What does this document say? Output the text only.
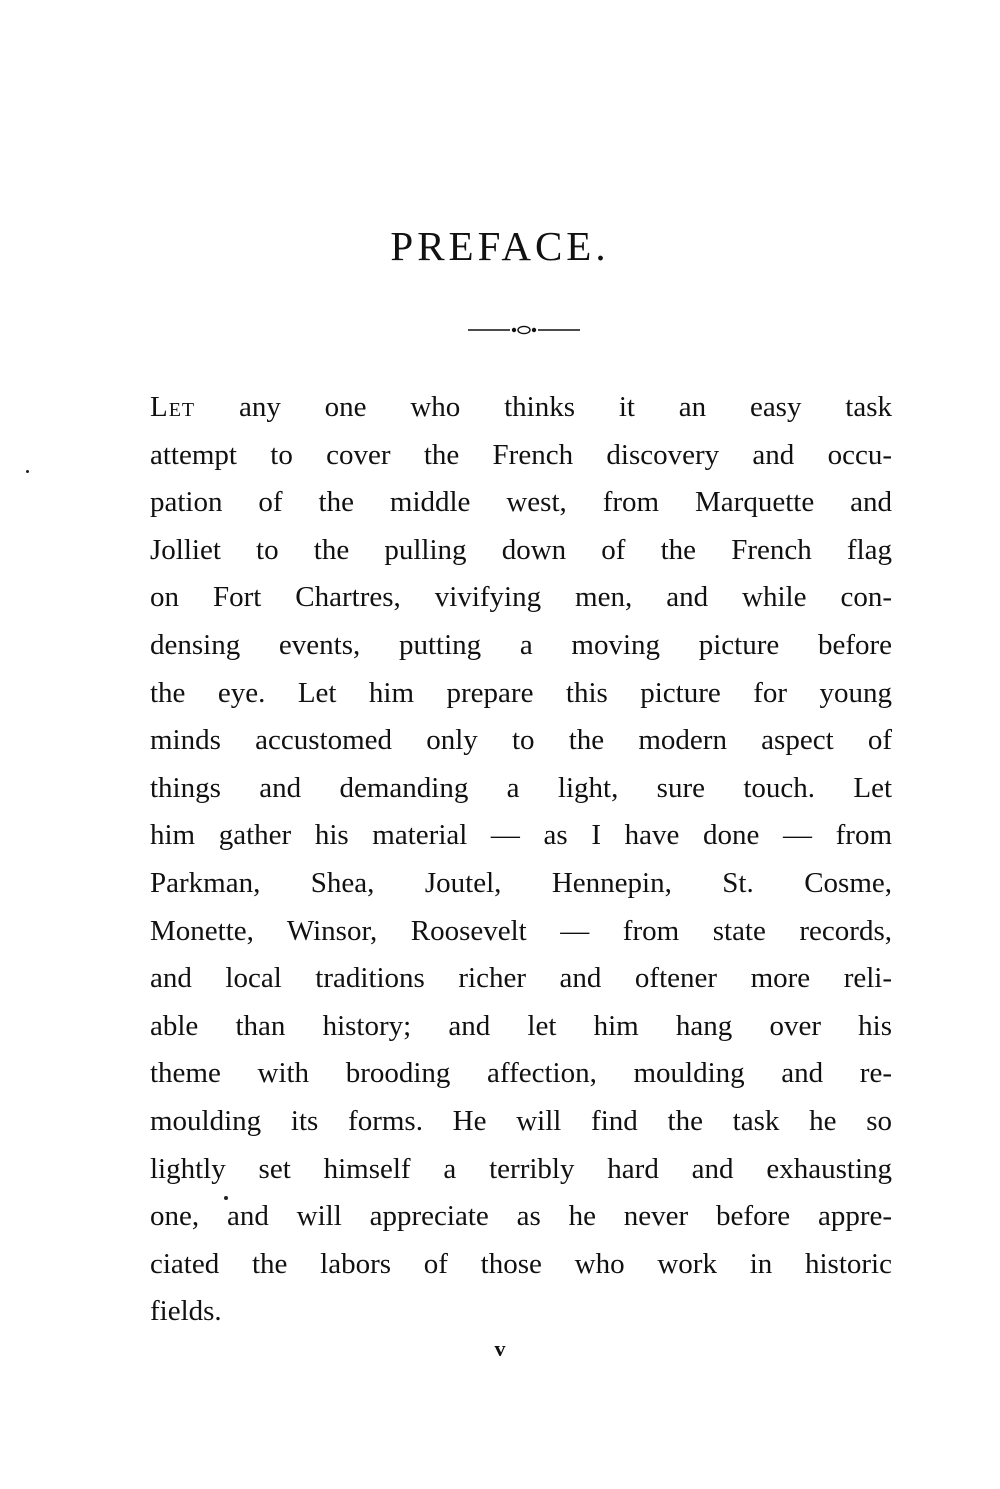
PREFACE.
Let any one who thinks it an easy task
attempt to cover the French discovery and occu-
pation of the middle west, from Marquette and
Jolliet to the pulling down of the French flag
on Fort Chartres, vivifying men, and while con-
densing events, putting a moving picture before
the eye. Let him prepare this picture for young
minds accustomed only to the modern aspect of
things and demanding a light, sure touch. Let
him gather his material — as I have done — from
Parkman, Shea, Joutel, Hennepin, St. Cosme,
Monette, Winsor, Roosevelt — from state records,
and local traditions richer and oftener more reli-
able than history; and let him hang over his
theme with brooding affection, moulding and re-
moulding its forms. He will find the task he so
lightly set himself a terribly hard and exhausting
one, and will appreciate as he never before appre-
ciated the labors of those who work in historic
fields.
v
